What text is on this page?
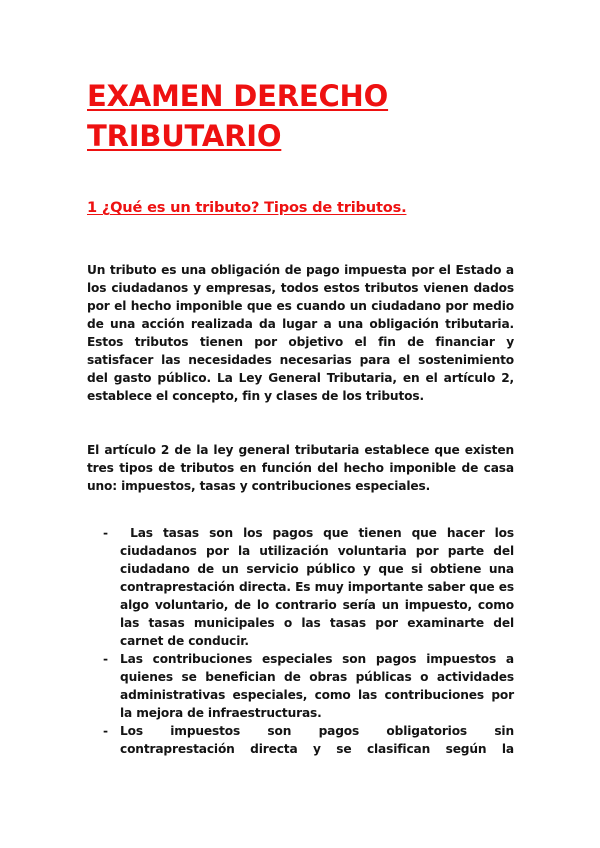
EXAMEN DERECHO TRIBUTARIO
1 ¿Qué es un tributo? Tipos de tributos.

Un tributo es una obligación de pago impuesta por el Estado a los ciudadanos y empresas, todos estos tributos vienen dados por el hecho imponible que es cuando un ciudadano por medio de una acción realizada da lugar a una obligación tributaria. Estos tributos tienen por objetivo el fin de financiar y satisfacer las necesidades necesarias para el sostenimiento del gasto público. La Ley General Tributaria, en el artículo 2, establece el concepto, fin y clases de los tributos.

El artículo 2 de la ley general tributaria establece que existen tres tipos de tributos en función del hecho imponible de casa uno: impuestos, tasas y contribuciones especiales.

- Las tasas son los pagos que tienen que hacer los ciudadanos por la utilización voluntaria por parte del ciudadano de un servicio público y que si obtiene una contraprestación directa. Es muy importante saber que es algo voluntario, de lo contrario sería un impuesto, como las tasas municipales o las tasas por examinarte del carnet de conducir.

- Las contribuciones especiales son pagos impuestos a quienes se benefician de obras públicas o actividades administrativas especiales, como las contribuciones por la mejora de infraestructuras.

- Los impuestos son pagos obligatorios sin contraprestación directa y se clasifican según la
